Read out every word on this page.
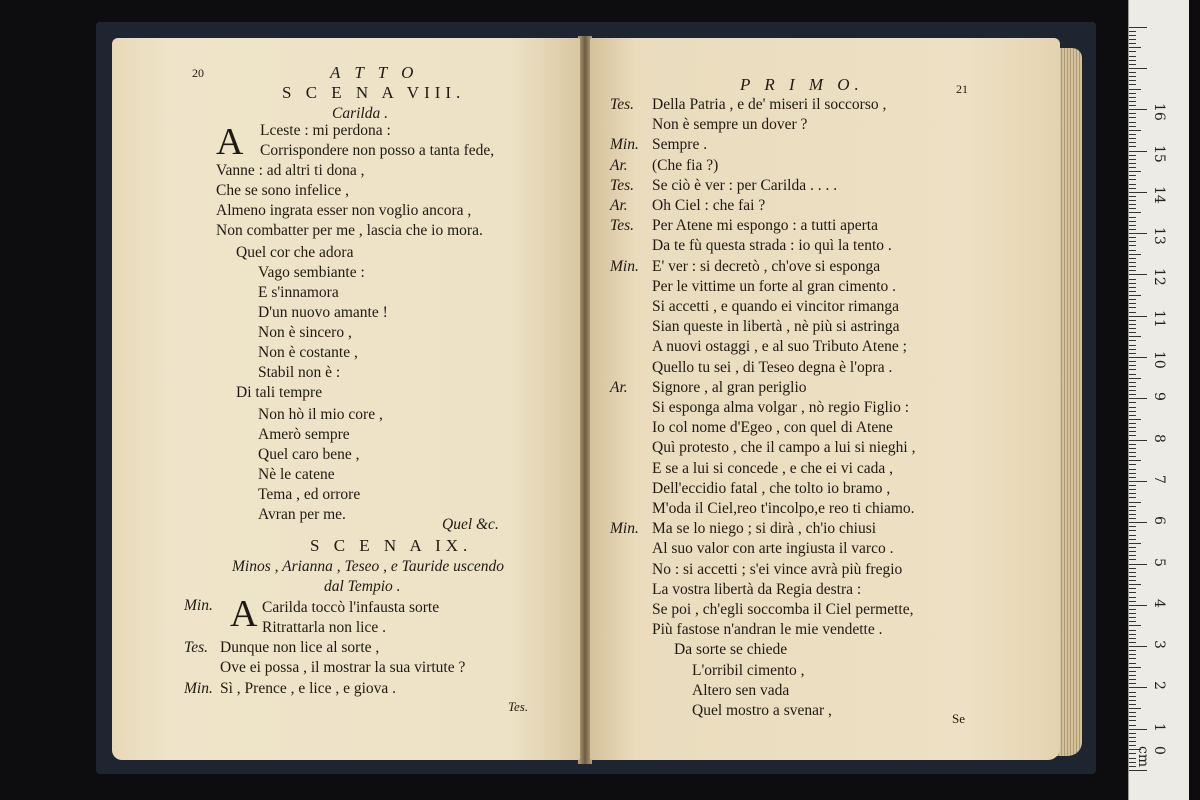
20	A T T O
S C E N A VIII.
Carilda .
A Lceste : mi perdona :
Corrispondere non posso a tanta fede,
Vanne : ad altri ti dona ,
Che se sono infelice ,
Almeno ingrata esser non voglio ancora ,
Non combatter per me , lascia che io mora.
Quel cor che adora
Vago sembiante :
E s'innamora
D'un nuovo amante !
Non è sincero ,
Non è costante ,
Stabil non è :
Di tali tempre
Non hò il mio core ,
Amerò sempre
Quel caro bene ,
Nè le catene
Tema , ed orrore
Avran per me.
Quel &c.
S C E N A IX.
Minos , Arianna , Teseo , e Tauride uscendo
dal Tempio .
Min. A Carilda toccò l'infausta sorte
Ritrattarla non lice .
Tes. Dunque non lice al sorte ,
Ove ei possa , il mostrar la sua virtute ?
Min. Sì , Prence , e lice , e giova .
Tes.
P R I M O.	21
Tes. Della Patria , e de' miseri il soccorso ,
Non è sempre un dover ?
Min. Sempre .
Ar. (Che fia ?)
Tes. Se ciò è ver : per Carilda . . . .
Ar. Oh Ciel : che fai ?
Tes. Per Atene mi espongo : a tutti aperta
Da te fù questa strada : io quì la tento .
Min. E' ver : si decretò , ch'ove si esponga
Per le vittime un forte al gran cimento .
Si accetti , e quando ei vincitor rimanga
Sian queste in libertà , nè più si astringa
A nuovi ostaggi , e al suo Tributo Atene ;
Quello tu sei , di Teseo degna è l'opra .
Ar. Signore , al gran periglio
Si esponga alma volgar , nò regio Figlio :
Io col nome d'Egeo , con quel di Atene
Quì protesto , che il campo a lui si nieghi ,
E se a lui si concede , e che ei vi cada ,
Dell'eccidio fatal , che tolto io bramo ,
M'oda il Ciel,reo t'incolpo,e reo ti chiamo.
Min. Ma se lo niego ; si dirà , ch'io chiusi
Al suo valor con arte ingiusta il varco .
No : si accetti ; s'ei vince avrà più fregio
La vostra libertà da Regia destra :
Se poi , ch'egli soccomba il Ciel permette,
Più fastose n'andran le mie vendette .
Da sorte se chiede
L'orribil cimento ,
Altero sen vada
Quel mostro a svenar ,	Se
0 cm
1
2
3
4
5
6
7
8
9
10
11
12
13
14
15
16
